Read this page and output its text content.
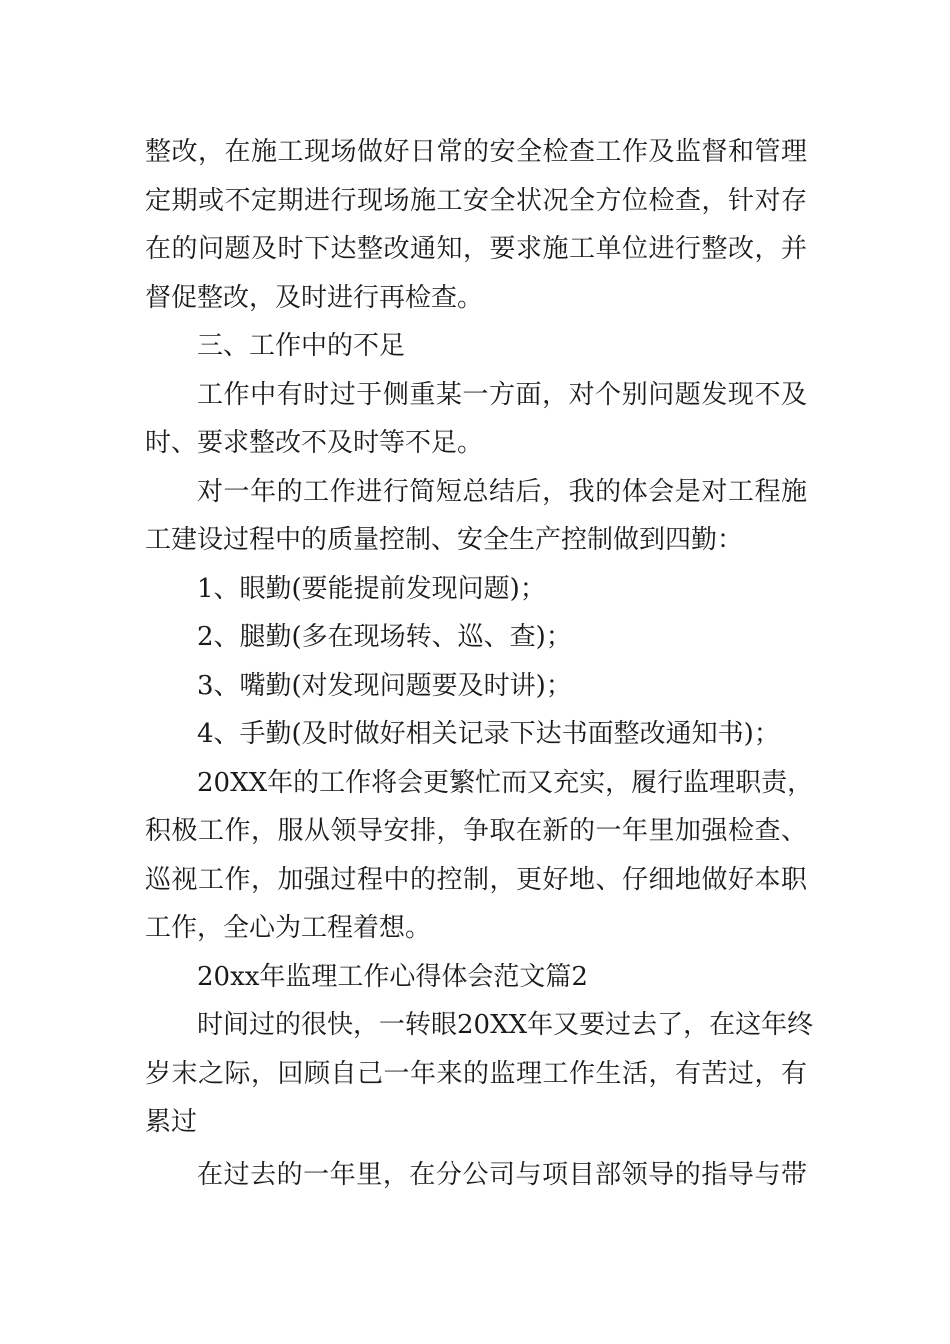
整改，在施工现场做好日常的安全检查工作及监督和管理
定期或不定期进行现场施工安全状况全方位检查，针对存
在的问题及时下达整改通知，要求施工单位进行整改，并
督促整改，及时进行再检查。
三、工作中的不足
工作中有时过于侧重某一方面，对个别问题发现不及
时、要求整改不及时等不足。
对一年的工作进行简短总结后，我的体会是对工程施
工建设过程中的质量控制、安全生产控制做到四勤：
1、眼勤(要能提前发现问题)；
2、腿勤(多在现场转、巡、查)；
3、嘴勤(对发现问题要及时讲)；
4、手勤(及时做好相关记录下达书面整改通知书)；
20XX年的工作将会更繁忙而又充实，履行监理职责，
积极工作，服从领导安排，争取在新的一年里加强检查、
巡视工作，加强过程中的控制，更好地、仔细地做好本职
工作，全心为工程着想。
20xx年监理工作心得体会范文篇2
时间过的很快，一转眼20XX年又要过去了，在这年终
岁末之际，回顾自己一年来的监理工作生活，有苦过，有
累过
在过去的一年里，在分公司与项目部领导的指导与带
